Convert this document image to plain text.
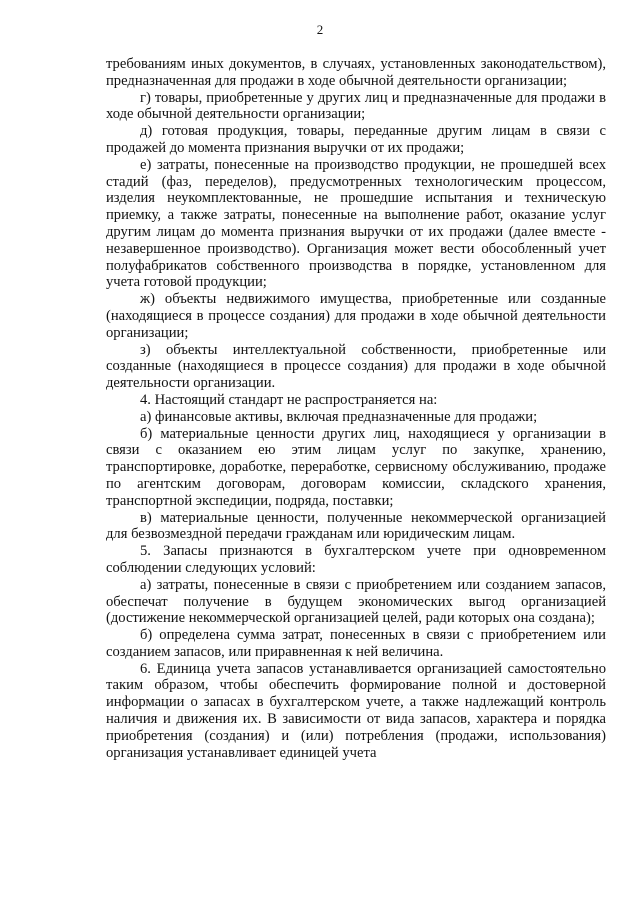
2

требованиям иных документов, в случаях, установленных законодательством), предназначенная для продажи в ходе обычной деятельности организации;

г) товары, приобретенные у других лиц и предназначенные для продажи в ходе обычной деятельности организации;

д) готовая продукция, товары, переданные другим лицам в связи с продажей до момента признания выручки от их продажи;

е) затраты, понесенные на производство продукции, не прошедшей всех стадий (фаз, переделов), предусмотренных технологическим процессом, изделия неукомплектованные, не прошедшие испытания и техническую приемку, а также затраты, понесенные на выполнение работ, оказание услуг другим лицам до момента признания выручки от их продажи (далее вместе - незавершенное производство). Организация может вести обособленный учет полуфабрикатов собственного производства в порядке, установленном для учета готовой продукции;

ж) объекты недвижимого имущества, приобретенные или созданные (находящиеся в процессе создания) для продажи в ходе обычной деятельности организации;

з) объекты интеллектуальной собственности, приобретенные или созданные (находящиеся в процессе создания) для продажи в ходе обычной деятельности организации.

4. Настоящий стандарт не распространяется на:

а) финансовые активы, включая предназначенные для продажи;

б) материальные ценности других лиц, находящиеся у организации в связи с оказанием ею этим лицам услуг по закупке, хранению, транспортировке, доработке, переработке, сервисному обслуживанию, продаже по агентским договорам, договорам комиссии, складского хранения, транспортной экспедиции, подряда, поставки;

в) материальные ценности, полученные некоммерческой организацией для безвозмездной передачи гражданам или юридическим лицам.

5. Запасы признаются в бухгалтерском учете при одновременном соблюдении следующих условий:

а) затраты, понесенные в связи с приобретением или созданием запасов, обеспечат получение в будущем экономических выгод организацией (достижение некоммерческой организацией целей, ради которых она создана);

б) определена сумма затрат, понесенных в связи с приобретением или созданием запасов, или приравненная к ней величина.

6. Единица учета запасов устанавливается организацией самостоятельно таким образом, чтобы обеспечить формирование полной и достоверной информации о запасах в бухгалтерском учете, а также надлежащий контроль наличия и движения их. В зависимости от вида запасов, характера и порядка приобретения (создания) и (или) потребления (продажи, использования) организация устанавливает единицей учета
